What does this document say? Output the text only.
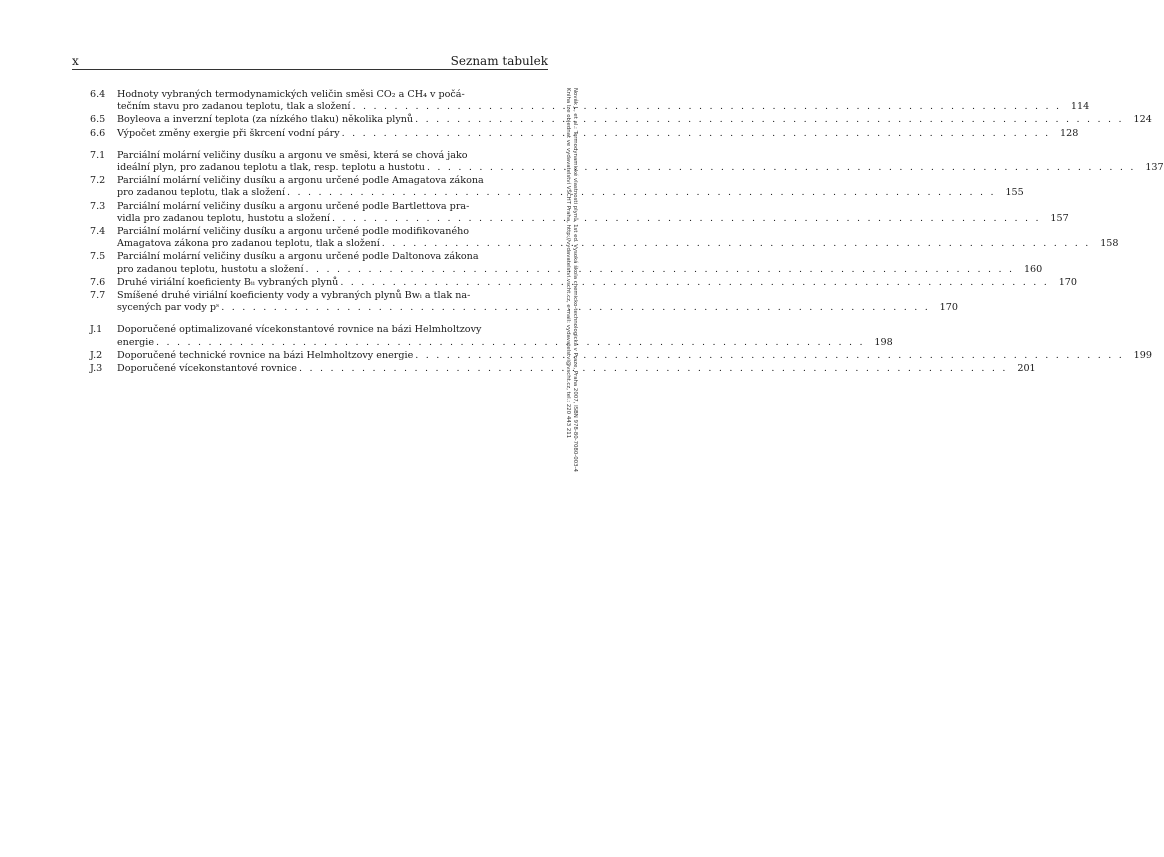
x	Seznam tabulek
6.4	Hodnoty vybraných termodynamických veličin směsi CO₂ a CH₄ v počá-
tečním stavu pro zadanou teplotu, tlak a složení . . . . . . . . . . . . . . . . . . . . . . . . . . . . . . . . . . . . . . . . . . . . . . . . . . . . . . . . . . . . . . . . . . . .	114
6.5	Boyleova a inverzní teplota (za nízkého tlaku) několika plynů . . . . . . . . . . . . . . . . . . . . . . . . . . . . . . . . . . . . . . . . . . . . . . . . . . . . . . . . . . . . . . . . . . . .	124
6.6	Výpočet změny exergie při škrcení vodní páry . . . . . . . . . . . . . . . . . . . . . . . . . . . . . . . . . . . . . . . . . . . . . . . . . . . . . . . . . . . . . . . . . . . .	128
7.1	Parciální molární veličiny dusíku a argonu ve směsi, která se chová jako
ideální plyn, pro zadanou teplotu a tlak, resp. teplotu a hustotu . . . . . . . . . . . . . . . . . . . . . . . . . . . . . . . . . . . . . . . . . . . . . . . . . . . . . . . . . . . . . . . . . . . .	137
7.2	Parciální molární veličiny dusíku a argonu určené podle Amagatova zákona
pro zadanou teplotu, tlak a složení . . . . . . . . . . . . . . . . . . . . . . . . . . . . . . . . . . . . . . . . . . . . . . . . . . . . . . . . . . . . . . . . . . . .	155
7.3	Parciální molární veličiny dusíku a argonu určené podle Bartlettova pra-
vidla pro zadanou teplotu, hustotu a složení . . . . . . . . . . . . . . . . . . . . . . . . . . . . . . . . . . . . . . . . . . . . . . . . . . . . . . . . . . . . . . . . . . . .	157
7.4	Parciální molární veličiny dusíku a argonu určené podle modifikovaného
Amagatova zákona pro zadanou teplotu, tlak a složení . . . . . . . . . . . . . . . . . . . . . . . . . . . . . . . . . . . . . . . . . . . . . . . . . . . . . . . . . . . . . . . . . . . .	158
7.5	Parciální molární veličiny dusíku a argonu určené podle Daltonova zákona
pro zadanou teplotu, hustotu a složení . . . . . . . . . . . . . . . . . . . . . . . . . . . . . . . . . . . . . . . . . . . . . . . . . . . . . . . . . . . . . . . . . . . .	160
7.6	Druhé viriální koeficienty Bᵢᵢ vybraných plynů . . . . . . . . . . . . . . . . . . . . . . . . . . . . . . . . . . . . . . . . . . . . . . . . . . . . . . . . . . . . . . . . . . . .	170
7.7	Smíšené druhé viriální koeficienty vody a vybraných plynů Bwᵢ a tlak na-
sycených par vody pˢ . . . . . . . . . . . . . . . . . . . . . . . . . . . . . . . . . . . . . . . . . . . . . . . . . . . . . . . . . . . . . . . . . . . .	170
J.1	Doporučené optimalizované vícekonstantové rovnice na bázi Helmholtzovy
energie . . . . . . . . . . . . . . . . . . . . . . . . . . . . . . . . . . . . . . . . . . . . . . . . . . . . . . . . . . . . . . . . . . . .	198
J.2	Doporučené technické rovnice na bázi Helmholtzovy energie . . . . . . . . . . . . . . . . . . . . . . . . . . . . . . . . . . . . . . . . . . . . . . . . . . . . . . . . . . . . . . . . . . . .	199
J.3	Doporučené vícekonstantové rovnice . . . . . . . . . . . . . . . . . . . . . . . . . . . . . . . . . . . . . . . . . . . . . . . . . . . . . . . . . . . . . . . . . . . .	201
Novák J., et al.: Termodynamické vlastnosti plynů, 1st ed. Vysoká škola chemicko-technologická v Praze, Praha 2007, ISBN 978-80-7080-003-4
Kniha lze objednat ve vydavatelství VŠCHT Praha, http://vydavatelstvi.vscht.cz, e-mail: vydavatelstvi@vscht.cz, tel.: 220 443 211
